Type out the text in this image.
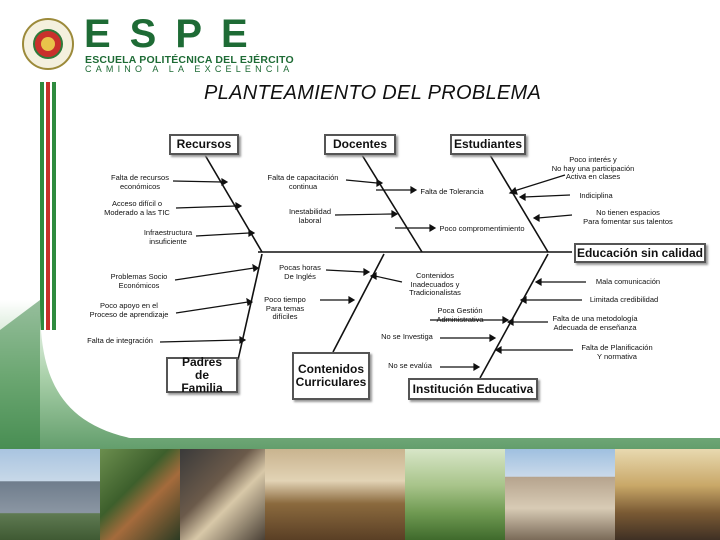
ESPE
ESCUELA POLITÉCNICA DEL EJÉRCITO
CAMINO A LA EXCELENCIA
PLANTEAMIENTO DEL PROBLEMA
Recursos	Docentes	Estudiantes
Educación sin calidad
Padres de Familia
Contenidos Curriculares	Institución Educativa
Falta de recursos
económicos
Acceso difícil o
Moderado a las TIC
Infraestructura
insuficiente
Falta de capacitación
continua
Inestabilidad
laboral
Falta de Tolerancia
Poco compromentimiento
Poco interés y
No hay una participación
Activa en clases
Indiciplina
No tienen espacios
Para fomentar sus talentos
Problemas Socio
Económicos
Poco apoyo en el
Proceso de aprendizaje
Falta de integración
Pocas horas
De Inglés
Poco tiempo
Para temas
difíciles
Contenidos
Inadecuados y
Tradicionalistas
Poca Gestión
Administrativa
No se Investiga
No se evalúa
Mala comunicación
Limitada credibilidad
Falta de una metodología
Adecuada de enseñanza
Falta de Planificación
Y normativa
